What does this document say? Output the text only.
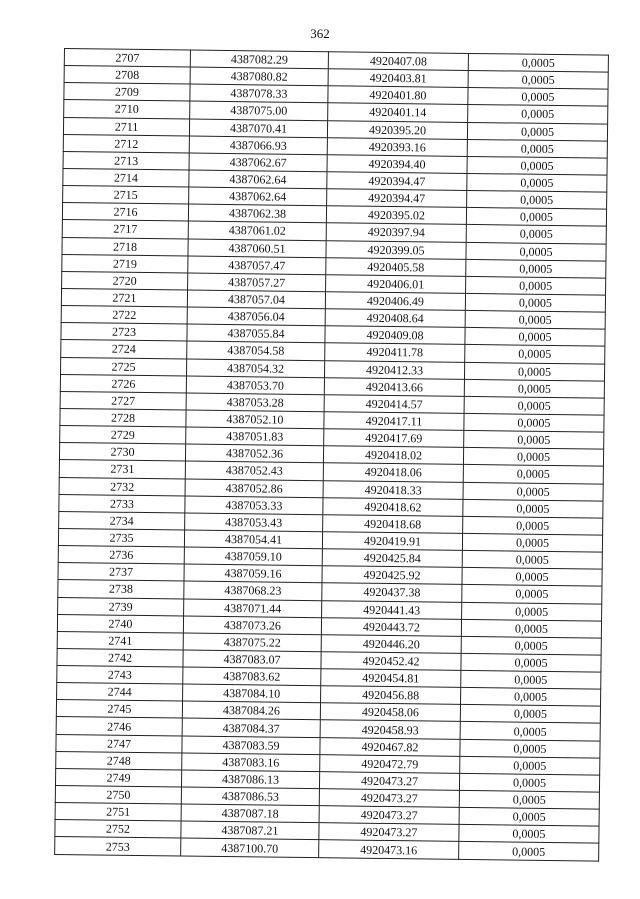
362
2707	4387082.29	4920407.08	0,0005
2708	4387080.82	4920403.81	0,0005
2709	4387078.33	4920401.80	0,0005
2710	4387075.00	4920401.14	0,0005
2711	4387070.41	4920395.20	0,0005
2712	4387066.93	4920393.16	0,0005
2713	4387062.67	4920394.40	0,0005
2714	4387062.64	4920394.47	0,0005
2715	4387062.64	4920394.47	0,0005
2716	4387062.38	4920395.02	0,0005
2717	4387061.02	4920397.94	0,0005
2718	4387060.51	4920399.05	0,0005
2719	4387057.47	4920405.58	0,0005
2720	4387057.27	4920406.01	0,0005
2721	4387057.04	4920406.49	0,0005
2722	4387056.04	4920408.64	0,0005
2723	4387055.84	4920409.08	0,0005
2724	4387054.58	4920411.78	0,0005
2725	4387054.32	4920412.33	0,0005
2726	4387053.70	4920413.66	0,0005
2727	4387053.28	4920414.57	0,0005
2728	4387052.10	4920417.11	0,0005
2729	4387051.83	4920417.69	0,0005
2730	4387052.36	4920418.02	0,0005
2731	4387052.43	4920418.06	0,0005
2732	4387052.86	4920418.33	0,0005
2733	4387053.33	4920418.62	0,0005
2734	4387053.43	4920418.68	0,0005
2735	4387054.41	4920419.91	0,0005
2736	4387059.10	4920425.84	0,0005
2737	4387059.16	4920425.92	0,0005
2738	4387068.23	4920437.38	0,0005
2739	4387071.44	4920441.43	0,0005
2740	4387073.26	4920443.72	0,0005
2741	4387075.22	4920446.20	0,0005
2742	4387083.07	4920452.42	0,0005
2743	4387083.62	4920454.81	0,0005
2744	4387084.10	4920456.88	0,0005
2745	4387084.26	4920458.06	0,0005
2746	4387084.37	4920458.93	0,0005
2747	4387083.59	4920467.82	0,0005
2748	4387083.16	4920472.79	0,0005
2749	4387086.13	4920473.27	0,0005
2750	4387086.53	4920473.27	0,0005
2751	4387087.18	4920473.27	0,0005
2752	4387087.21	4920473.27	0,0005
2753	4387100.70	4920473.16	0,0005
